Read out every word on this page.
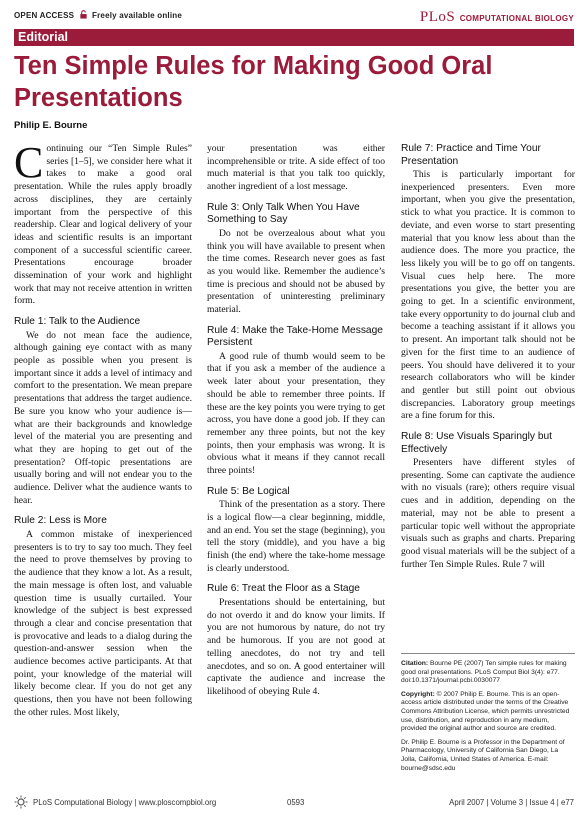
OPEN ACCESS Freely available online	PLoS COMPUTATIONAL BIOLOGY
Editorial
Ten Simple Rules for Making Good Oral Presentations
Philip E. Bourne

Continuing our “Ten Simple Rules” series [1–5], we consider here what it takes to make a good oral presentation. While the rules apply broadly across disciplines, they are certainly important from the perspective of this readership. Clear and logical delivery of your ideas and scientific results is an important component of a successful scientific career. Presentations encourage broader dissemination of your work and highlight work that may not receive attention in written form.

Rule 1: Talk to the Audience

We do not mean face the audience, although gaining eye contact with as many people as possible when you present is important since it adds a level of intimacy and comfort to the presentation. We mean prepare presentations that address the target audience. Be sure you know who your audience is—what are their backgrounds and knowledge level of the material you are presenting and what they are hoping to get out of the presentation? Off-topic presentations are usually boring and will not endear you to the audience. Deliver what the audience wants to hear.

Rule 2: Less is More

A common mistake of inexperienced presenters is to try to say too much. They feel the need to prove themselves by proving to the audience that they know a lot. As a result, the main message is often lost, and valuable question time is usually curtailed. Your knowledge of the subject is best expressed through a clear and concise presentation that is provocative and leads to a dialog during the question-and-answer session when the audience becomes active participants. At that point, your knowledge of the material will likely become clear. If you do not get any questions, then you have not been following the other rules. Most likely,

your presentation was either incomprehensible or trite. A side effect of too much material is that you talk too quickly, another ingredient of a lost message.

Rule 3: Only Talk When You Have Something to Say

Do not be overzealous about what you think you will have available to present when the time comes. Research never goes as fast as you would like. Remember the audience’s time is precious and should not be abused by presentation of uninteresting preliminary material.

Rule 4: Make the Take-Home Message Persistent

A good rule of thumb would seem to be that if you ask a member of the audience a week later about your presentation, they should be able to remember three points. If these are the key points you were trying to get across, you have done a good job. If they can remember any three points, but not the key points, then your emphasis was wrong. It is obvious what it means if they cannot recall three points!

Rule 5: Be Logical

Think of the presentation as a story. There is a logical flow—a clear beginning, middle, and an end. You set the stage (beginning), you tell the story (middle), and you have a big finish (the end) where the take-home message is clearly understood.

Rule 6: Treat the Floor as a Stage

Presentations should be entertaining, but do not overdo it and do know your limits. If you are not humorous by nature, do not try and be humorous. If you are not good at telling anecdotes, do not try and tell anecdotes, and so on. A good entertainer will captivate the audience and increase the likelihood of obeying Rule 4.

Rule 7: Practice and Time Your Presentation

This is particularly important for inexperienced presenters. Even more important, when you give the presentation, stick to what you practice. It is common to deviate, and even worse to start presenting material that you know less about than the audience does. The more you practice, the less likely you will be to go off on tangents. Visual cues help here. The more presentations you give, the better you are going to get. In a scientific environment, take every opportunity to do journal club and become a teaching assistant if it allows you to present. An important talk should not be given for the first time to an audience of peers. You should have delivered it to your research collaborators who will be kinder and gentler but still point out obvious discrepancies. Laboratory group meetings are a fine forum for this.

Rule 8: Use Visuals Sparingly but Effectively

Presenters have different styles of presenting. Some can captivate the audience with no visuals (rare); others require visual cues and in addition, depending on the material, may not be able to present a particular topic well without the appropriate visuals such as graphs and charts. Preparing good visual materials will be the subject of a further Ten Simple Rules. Rule 7 will

Citation: Bourne PE (2007) Ten simple rules for making good oral presentations. PLoS Comput Biol 3(4): e77. doi:10.1371/journal.pcbi.0030077

Copyright: © 2007 Philip E. Bourne. This is an open-access article distributed under the terms of the Creative Commons Attribution License, which permits unrestricted use, distribution, and reproduction in any medium, provided the original author and source are credited.

Dr. Philip E. Bourne is a Professor in the Department of Pharmacology, University of California San Diego, La Jolla, California, United States of America. E-mail: bourne@sdsc.edu

PLoS Computational Biology | www.ploscompbiol.org	0593	April 2007 | Volume 3 | Issue 4 | e77
